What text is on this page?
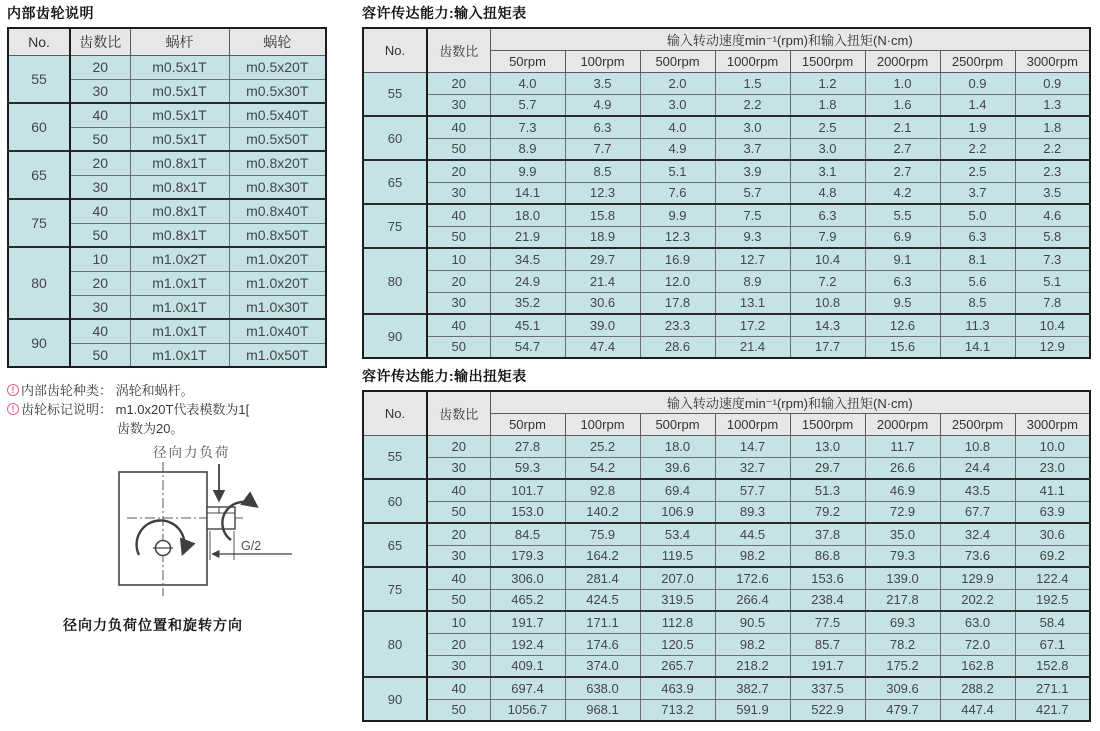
内部齿轮说明
No.	齿数比	蜗杆	蜗轮
55	20	m0.5x1T	m0.5x20T
	30	m0.5x1T	m0.5x30T
60	40	m0.5x1T	m0.5x40T
	50	m0.5x1T	m0.5x50T
65	20	m0.8x1T	m0.8x20T
	30	m0.8x1T	m0.8x30T
75	40	m0.8x1T	m0.8x40T
	50	m0.8x1T	m0.8x50T
80	10	m1.0x2T	m1.0x20T
	20	m1.0x1T	m1.0x20T
	30	m1.0x1T	m1.0x30T
90	40	m1.0x1T	m1.0x40T
	50	m1.0x1T	m1.0x50T
! 内部齿轮种类： 涡轮和蜗杆。
! 齿轮标记说明： m1.0x20T代表模数为1[
齿数为20。
径向力负荷
G/2
径向力负荷位置和旋转方向
容许传达能力:输入扭矩表
No.	齿数比	输入转动速度min⁻¹(rpm)和输入扭矩(N·cm)							
		50rpm	100rpm	500rpm	1000rpm	1500rpm	2000rpm	2500rpm	3000rpm
55	20	4.0	3.5	2.0	1.5	1.2	1.0	0.9	0.9
	30	5.7	4.9	3.0	2.2	1.8	1.6	1.4	1.3
60	40	7.3	6.3	4.0	3.0	2.5	2.1	1.9	1.8
	50	8.9	7.7	4.9	3.7	3.0	2.7	2.2	2.2
65	20	9.9	8.5	5.1	3.9	3.1	2.7	2.5	2.3
	30	14.1	12.3	7.6	5.7	4.8	4.2	3.7	3.5
75	40	18.0	15.8	9.9	7.5	6.3	5.5	5.0	4.6
	50	21.9	18.9	12.3	9.3	7.9	6.9	6.3	5.8
80	10	34.5	29.7	16.9	12.7	10.4	9.1	8.1	7.3
	20	24.9	21.4	12.0	8.9	7.2	6.3	5.6	5.1
	30	35.2	30.6	17.8	13.1	10.8	9.5	8.5	7.8
90	40	45.1	39.0	23.3	17.2	14.3	12.6	11.3	10.4
	50	54.7	47.4	28.6	21.4	17.7	15.6	14.1	12.9
容许传达能力:输出扭矩表
No.	齿数比	输入转动速度min⁻¹(rpm)和输入扭矩(N·cm)							
		50rpm	100rpm	500rpm	1000rpm	1500rpm	2000rpm	2500rpm	3000rpm
55	20	27.8	25.2	18.0	14.7	13.0	11.7	10.8	10.0
	30	59.3	54.2	39.6	32.7	29.7	26.6	24.4	23.0
60	40	101.7	92.8	69.4	57.7	51.3	46.9	43.5	41.1
	50	153.0	140.2	106.9	89.3	79.2	72.9	67.7	63.9
65	20	84.5	75.9	53.4	44.5	37.8	35.0	32.4	30.6
	30	179.3	164.2	119.5	98.2	86.8	79.3	73.6	69.2
75	40	306.0	281.4	207.0	172.6	153.6	139.0	129.9	122.4
	50	465.2	424.5	319.5	266.4	238.4	217.8	202.2	192.5
80	10	191.7	171.1	112.8	90.5	77.5	69.3	63.0	58.4
	20	192.4	174.6	120.5	98.2	85.7	78.2	72.0	67.1
	30	409.1	374.0	265.7	218.2	191.7	175.2	162.8	152.8
90	40	697.4	638.0	463.9	382.7	337.5	309.6	288.2	271.1
	50	1056.7	968.1	713.2	591.9	522.9	479.7	447.4	421.7
